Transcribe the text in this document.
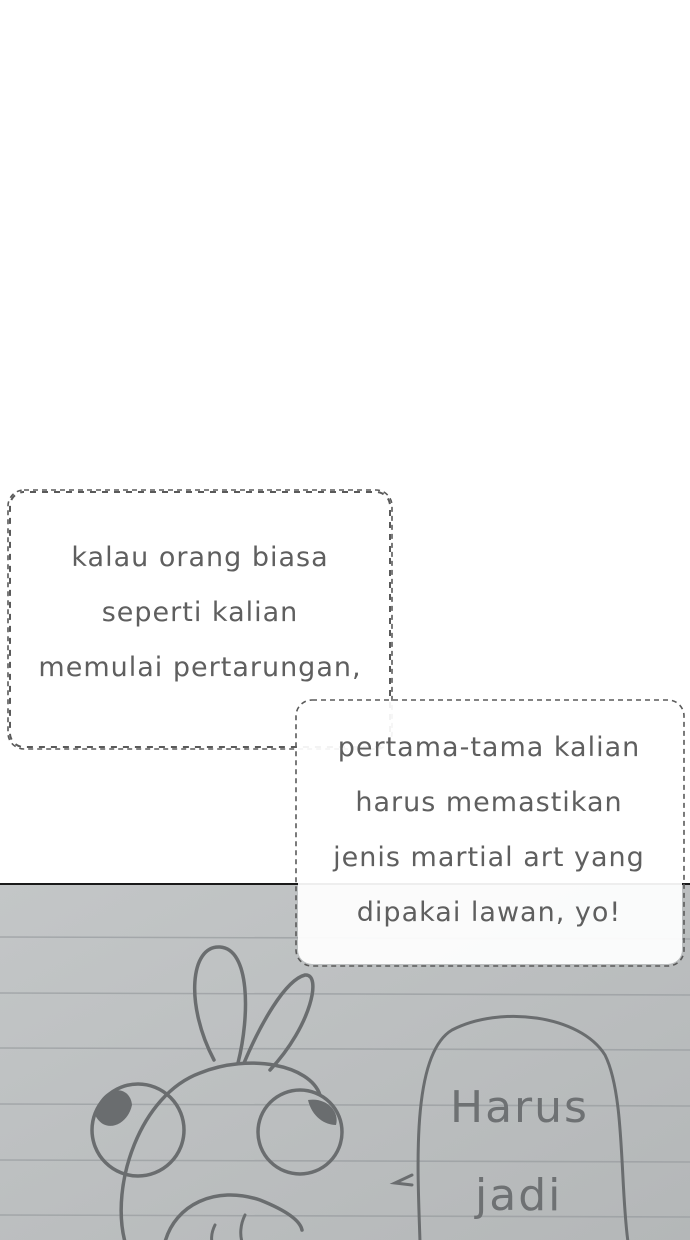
Harus
jadi
kalau orang biasa
seperti kalian
memulai pertarungan,
pertama-tama kalian
harus memastikan
jenis martial art yang
dipakai lawan, yo!
